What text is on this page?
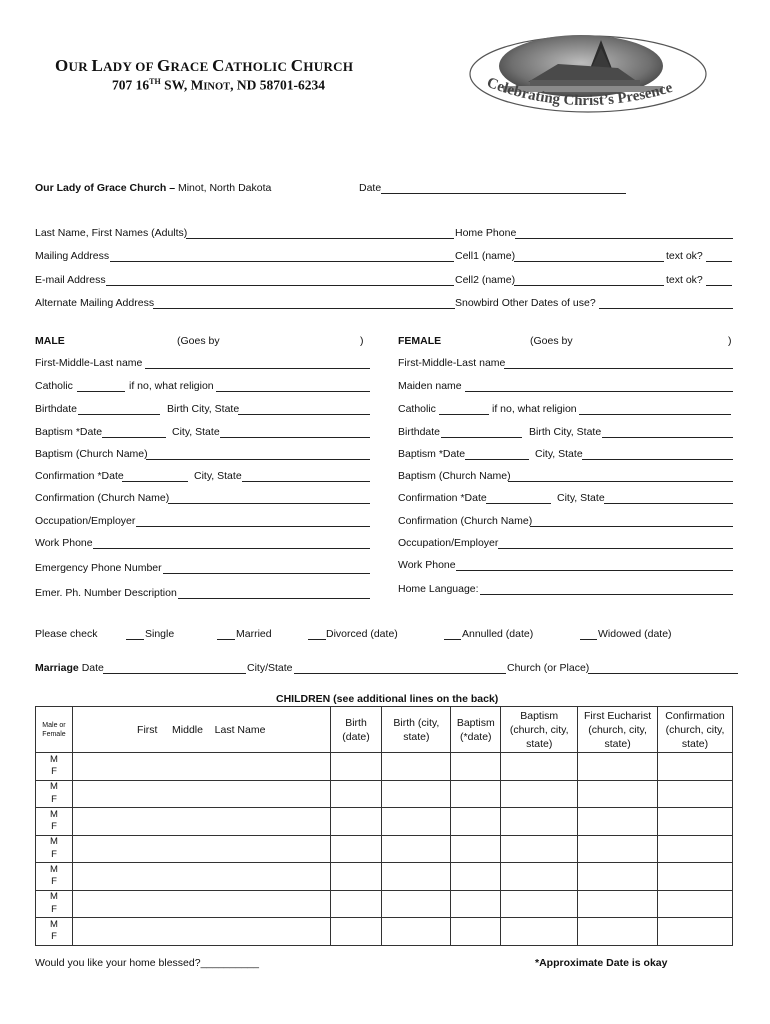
OUR LADY OF GRACE CATHOLIC CHURCH
707 16TH SW, MINOT, ND 58701-6234	Celebrating Christ’s Presence
Our Lady of Grace Church – Minot, North Dakota	Date
Last Name, First Names (Adults)	Home Phone
Mailing Address	Cell1 (name)	text ok?
E-mail Address	Cell2 (name)	text ok?
Alternate Mailing Address	Snowbird Other Dates of use?
MALE	(Goes by	)
First-Middle-Last name
Catholic	if no, what religion
Birthdate	Birth City, State
Baptism *Date	City, State
Baptism (Church Name)
Confirmation *Date	City, State
Confirmation (Church Name)
Occupation/Employer
Work Phone
Emergency Phone Number
Emer. Ph. Number Description
FEMALE	(Goes by	)
First-Middle-Last name
Maiden name
Catholic	if no, what religion
Birthdate	Birth City, State
Baptism *Date	City, State
Baptism (Church Name)
Confirmation *Date	City, State
Confirmation (Church Name)
Occupation/Employer
Work Phone
Home Language:
Please check	Single	Married	Divorced (date)	Annulled (date)	Widowed (date)
Marriage Date	City/State	Church (or Place)
CHILDREN (see additional lines on the back)
Male or Female	First     Middle    Last Name	Birth (date)	Birth (city, state)	Baptism (*date)	Baptism (church, city, state)	First Eucharist (church, city, state)	Confirmation (church, city, state)

M
F							

M
F							

M
F							

M
F							

M
F							

M
F							

M
F							

Would you like your home blessed?__________	*Approximate Date is okay
